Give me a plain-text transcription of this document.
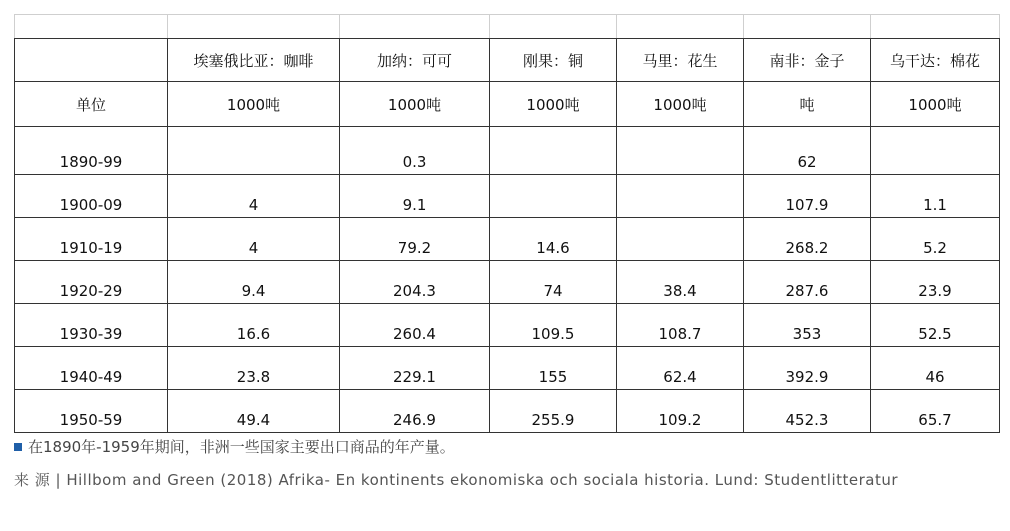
	埃塞俄比亚：咖啡	加纳：可可	刚果：铜	马里：花生	南非：金子	乌干达：棉花
单位	1000吨	1000吨	1000吨	1000吨	吨	1000吨
1890-99		0.3			62	
1900-09	4	9.1			107.9	1.1
1910-19	4	79.2	14.6		268.2	5.2
1920-29	9.4	204.3	74	38.4	287.6	23.9
1930-39	16.6	260.4	109.5	108.7	353	52.5
1940-49	23.8	229.1	155	62.4	392.9	46
1950-59	49.4	246.9	255.9	109.2	452.3	65.7
在1890年-1959年期间，非洲一些国家主要出口商品的年产量。
来 源 | Hillbom and Green (2018) Afrika- En kontinents ekonomiska och sociala historia. Lund: Studentlitteratur
